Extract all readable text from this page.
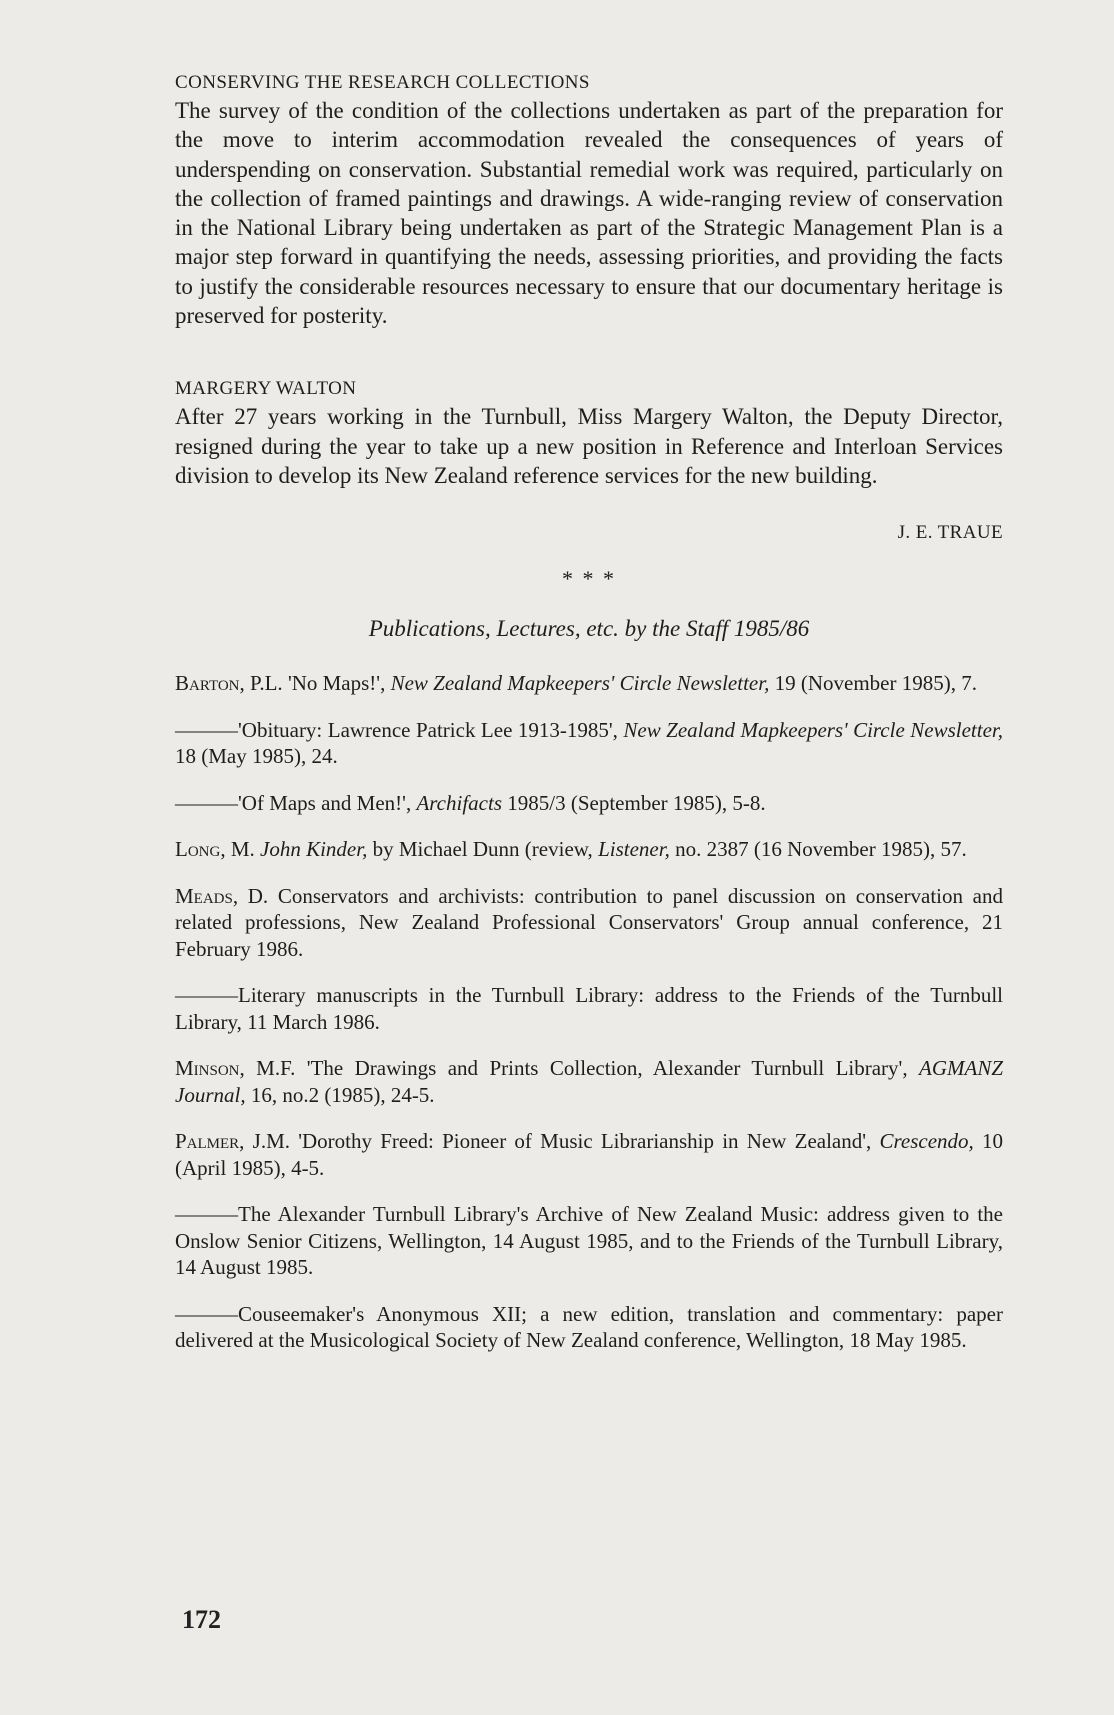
CONSERVING THE RESEARCH COLLECTIONS

The survey of the condition of the collections undertaken as part of the preparation for the move to interim accommodation revealed the consequences of years of underspending on conservation. Substantial remedial work was required, particularly on the collection of framed paintings and drawings. A wide-ranging review of conservation in the National Library being undertaken as part of the Strategic Management Plan is a major step forward in quantifying the needs, assessing priorities, and providing the facts to justify the considerable resources necessary to ensure that our documentary heritage is preserved for posterity.

MARGERY WALTON

After 27 years working in the Turnbull, Miss Margery Walton, the Deputy Director, resigned during the year to take up a new position in Reference and Interloan Services division to develop its New Zealand reference services for the new building.

J. E. TRAUE
* * *
Publications, Lectures, etc. by the Staff 1985/86

Barton, P.L. 'No Maps!', New Zealand Mapkeepers' Circle Newsletter, 19 (November 1985), 7.

———'Obituary: Lawrence Patrick Lee 1913-1985', New Zealand Mapkeepers' Circle Newsletter, 18 (May 1985), 24.

———'Of Maps and Men!', Archifacts 1985/3 (September 1985), 5-8.

Long, M. John Kinder, by Michael Dunn (review, Listener, no. 2387 (16 November 1985), 57.

Meads, D. Conservators and archivists: contribution to panel discussion on conservation and related professions, New Zealand Professional Conservators' Group annual conference, 21 February 1986.

———Literary manuscripts in the Turnbull Library: address to the Friends of the Turnbull Library, 11 March 1986.

Minson, M.F. 'The Drawings and Prints Collection, Alexander Turnbull Library', AGMANZ Journal, 16, no.2 (1985), 24-5.

Palmer, J.M. 'Dorothy Freed: Pioneer of Music Librarianship in New Zealand', Crescendo, 10 (April 1985), 4-5.

———The Alexander Turnbull Library's Archive of New Zealand Music: address given to the Onslow Senior Citizens, Wellington, 14 August 1985, and to the Friends of the Turnbull Library, 14 August 1985.

———Couseemaker's Anonymous XII; a new edition, translation and commentary: paper delivered at the Musicological Society of New Zealand conference, Wellington, 18 May 1985.

172
